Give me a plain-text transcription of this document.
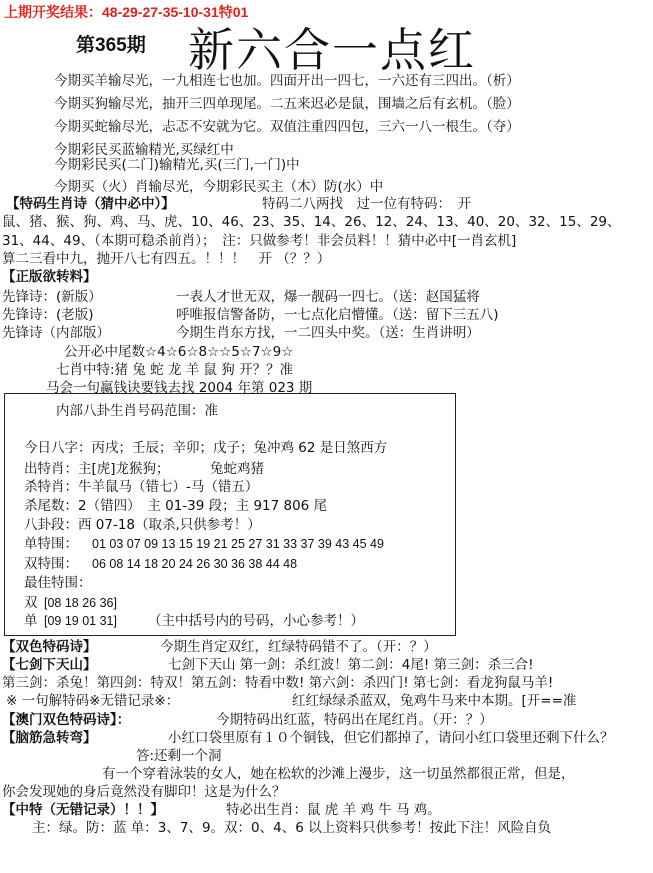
上期开奖结果：48-29-27-35-10-31特01
第365期 新六合一点红
今期买羊输尽光，一九相连七也加。四面开出一四七，一六还有三四出。（析）
今期买狗输尽光，抽开三四单现尾。二五来迟必是鼠，围墙之后有玄机。（脸）
今期买蛇输尽光，忐忑不安就为它。双值注重四四包，三六一八一根生。（夺）
今期彩民买蓝输精光,买绿红中
今期彩民买(二门)输精光,买(三门,一门)中
今期买（火）肖输尽光，今期彩民买主（木）防(水）中
【特码生肖诗（猜中必中）】	特码二八两找　过一位有特码：　开
鼠、猪、猴、狗、鸡、马、虎、10、46、23、35、14、26、12、24、13、40、20、32、15、29、
31、44、49、（本期可稳杀前肖）；　注：只做参考！非会员料！！猜中必中[一肖玄机]
算二三看中九，抛开八七有四五。！！！　开 （？？）
【正版欲转料】
先锋诗：(新版）	一表人才世无双，爆一靓码一四七。（送：赵国猛将
先锋诗：(老版)	呼唯报信警备防，一七点化启懵懂。（送：留下三五八)
先锋诗（内部版）	今期生肖东方找，一二四头中奖。（送：生肖讲明）
公开必中尾数☆4☆6☆8☆☆5☆7☆9☆
七肖中特:猪 兔 蛇 龙 羊 鼠 狗 开？？准
马会一句赢钱诀要钱去找 2004 年第 023 期
内部八卦生肖号码范围：准
今日八字：丙戌；壬辰；辛卯；戊子；兔冲鸡 62 是日煞西方
出特肖：主[虎]龙猴狗；	兔蛇鸡猪
杀特肖：牛羊鼠马（错七）-马（错五）
杀尾数：2（错四）　主 01-39 段；主 917 806 尾
八卦段：西 07-18（取杀,只供参考！）
单特围： 01 03 07 09 13 15 19 21 25 27 31 33 37 39 43 45 49
双特围： 06 08 14 18 20 24 26 30 36 38 44 48
最佳特围：
双 [08 18 26 36]
单 [09 19 01 31] （主中括号内的号码，小心参考！）
【双色特码诗】	今期生肖定双红，红绿特码错不了。（开：？）
【七剑下天山】	七剑下天山 第一剑：杀红波！第二剑：4尾! 第三剑：杀三合!
第三剑：杀兔！第四剑：特双！第五剑：特看中数! 第六剑：杀四门! 第七剑：看龙狗鼠马羊!
※ 一句解特码※无错记录※：	红红绿绿杀蓝双，兔鸡牛马来中本期。[开==准
【澳门双色特码诗】：	今期特码出红蓝，特码出在尾红肖。（开：？）
【脑筋急转弯】	小红口袋里原有１０个铜钱，但它们都掉了，请问小红口袋里还剩下什么？
答:还剩一个洞
有一个穿着泳装的女人，她在松软的沙滩上漫步，这一切虽然都很正常，但是，
你会发现她的身后竟然没有脚印！这是为什么？
【中特（无错记录）！！】	特必出生肖：鼠 虎 羊 鸡 牛 马 鸡。
主：绿。防：蓝 单：3、7、9。双：0、4、6 以上资料只供参考！按此下注！风险自负
